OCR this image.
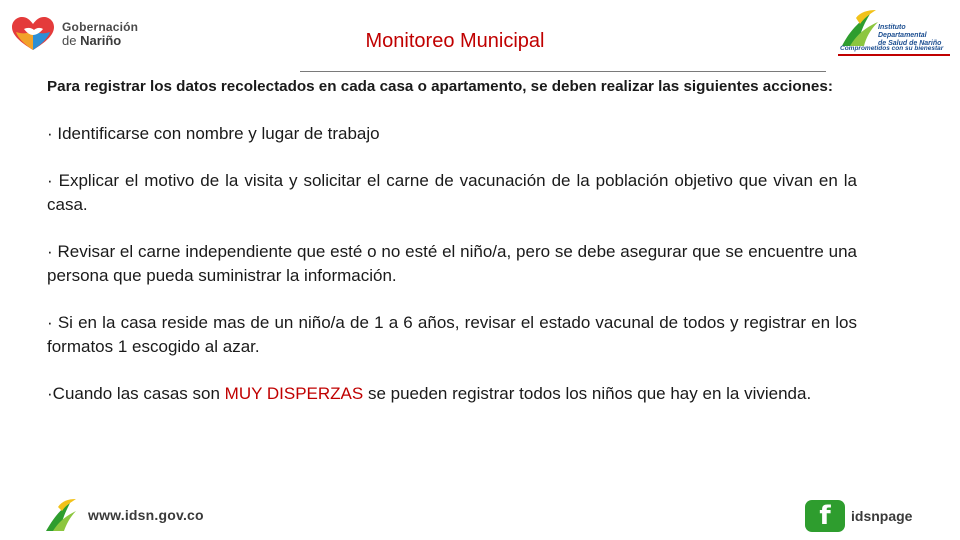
Gobernación
de Nariño	Monitoreo Municipal
Instituto
Departamental
de Salud de Nariño
Comprometidos con su bienestar

Para registrar los datos recolectados en cada casa o apartamento, se deben realizar las siguientes acciones:

· Identificarse con nombre y lugar de trabajo

· Explicar el motivo de la visita y solicitar el carne de vacunación de la población objetivo que vivan en la casa.

· Revisar el carne independiente que esté o no esté el niño/a, pero se debe asegurar que se encuentre una persona que pueda suministrar la información.

· Si en la casa reside mas de un niño/a de 1 a 6 años, revisar el estado vacunal de todos y registrar en los formatos 1 escogido al azar.

·Cuando las casas son MUY DISPERZAS se pueden registrar todos los niños que hay en la vivienda.

www.idsn.gov.co	f	idsnpage
